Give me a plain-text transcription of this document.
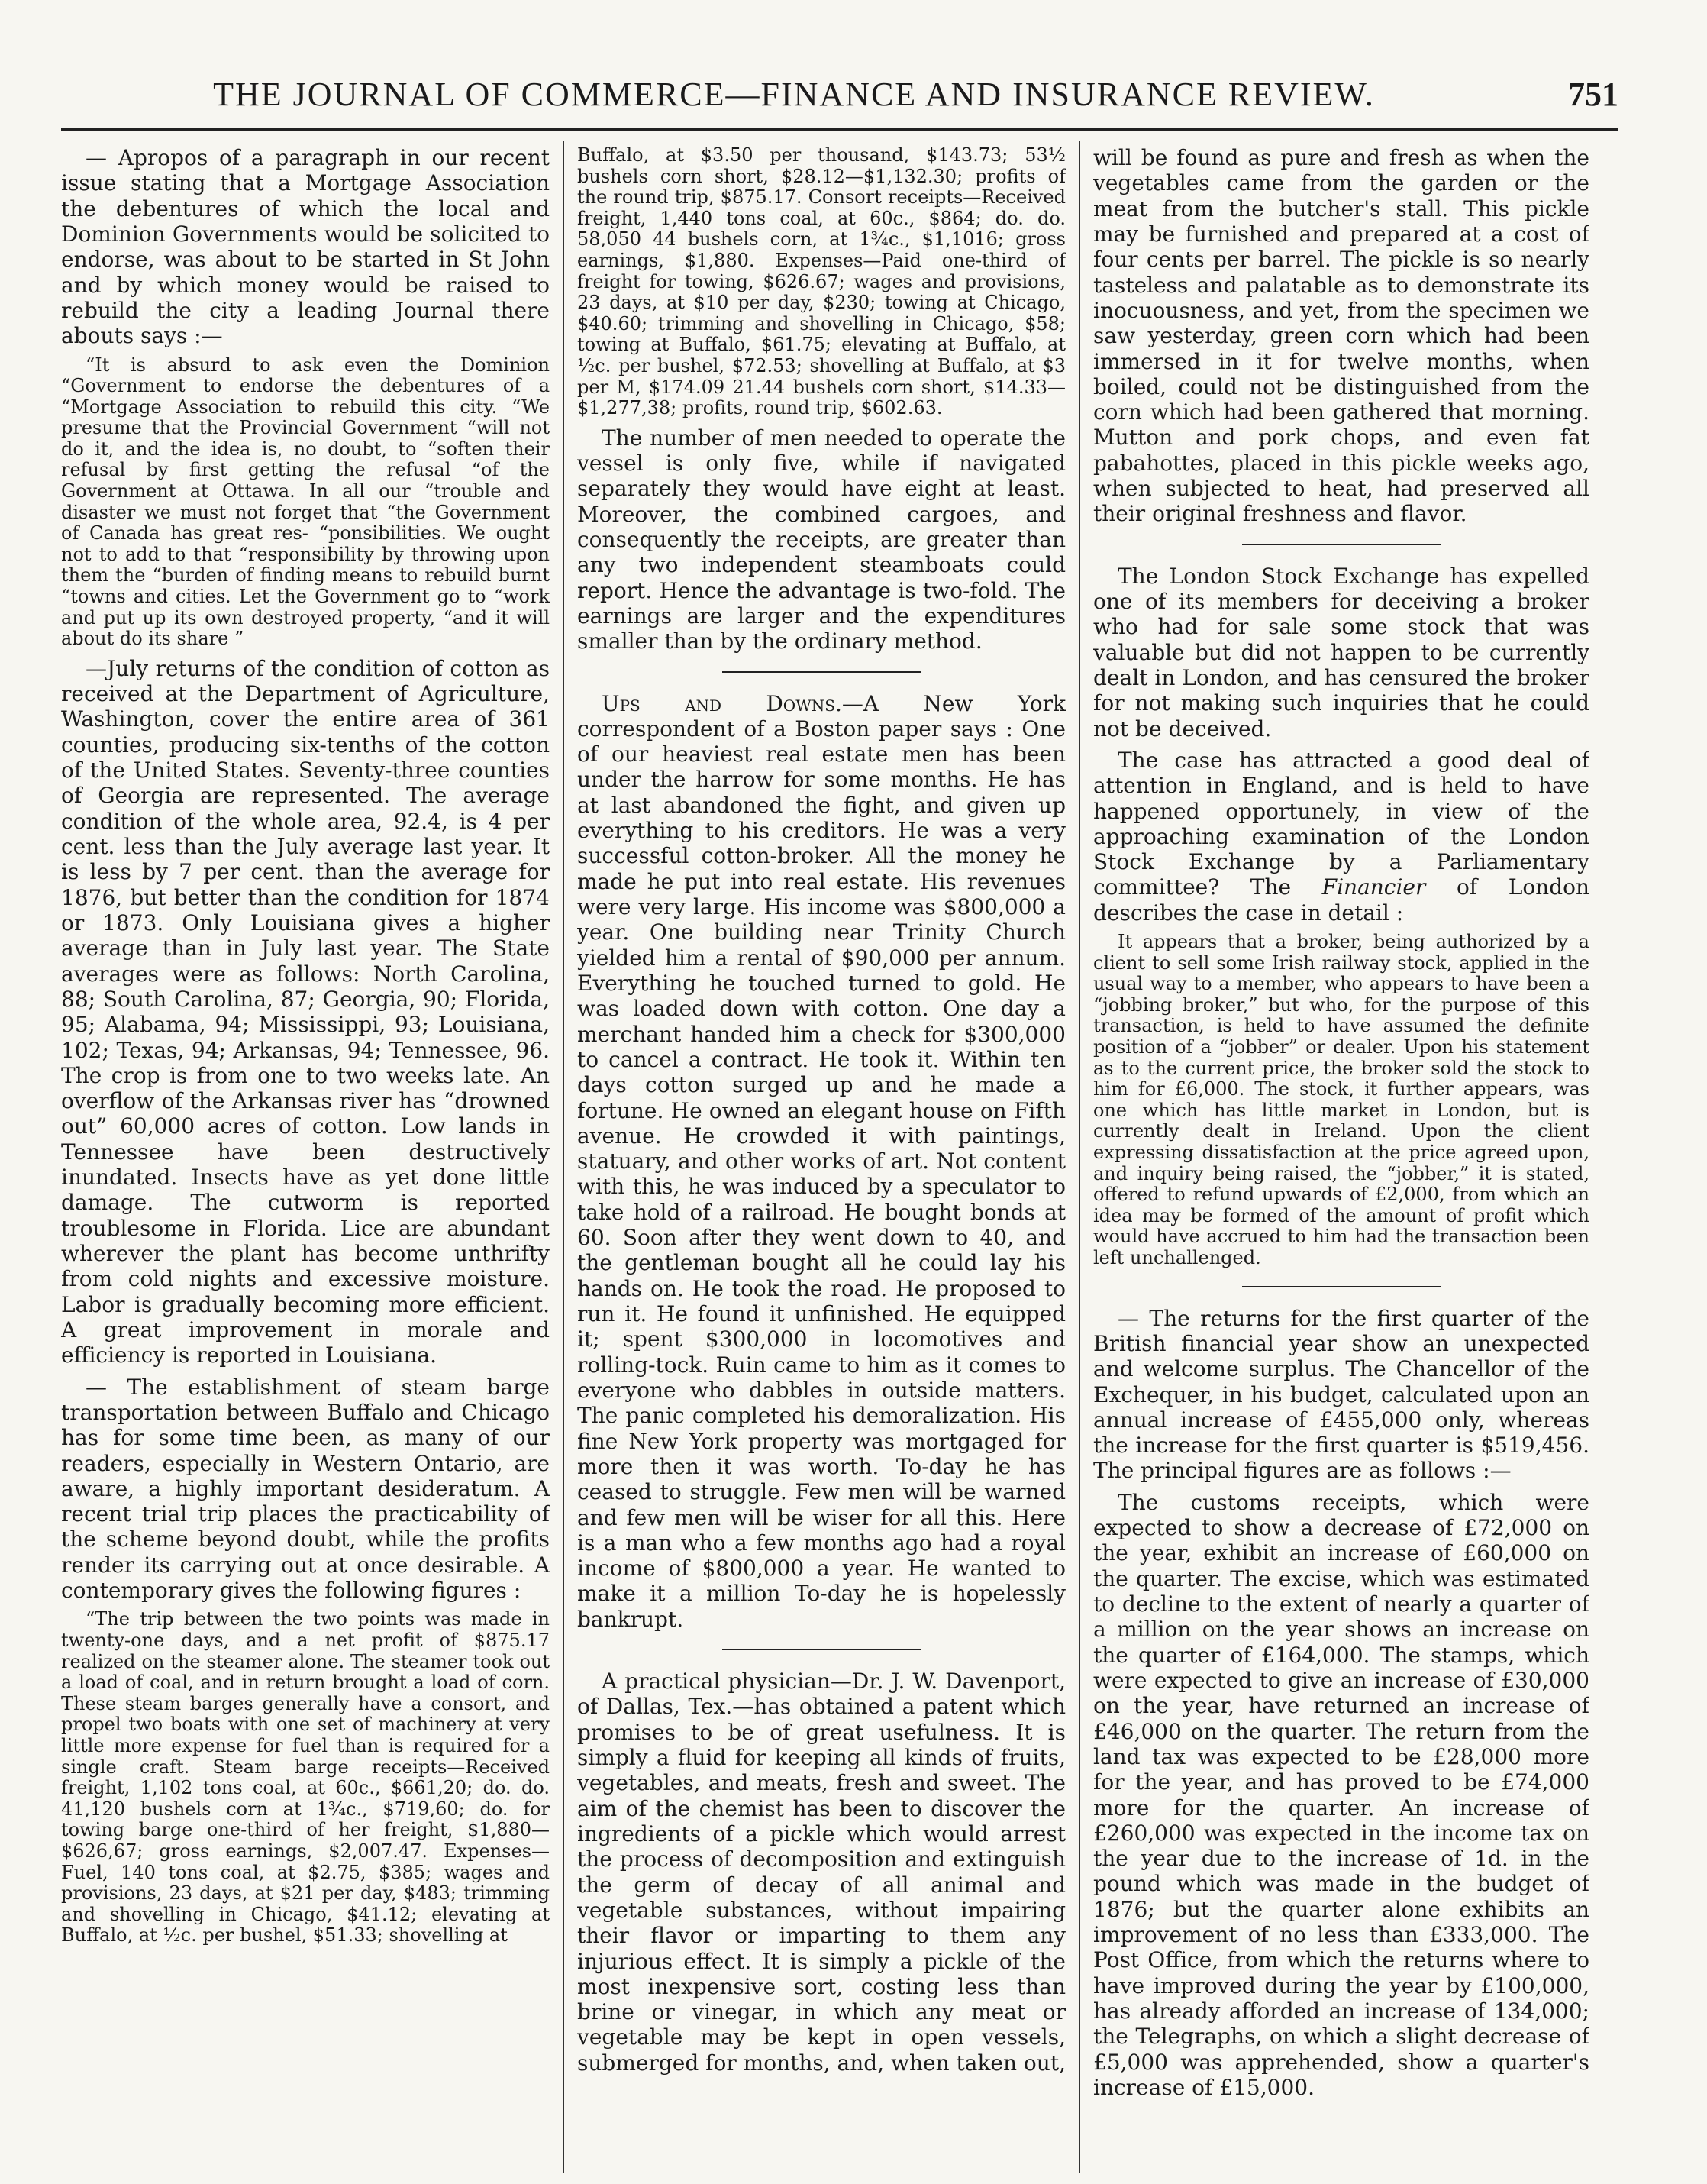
THE JOURNAL OF COMMERCE—FINANCE AND INSURANCE REVIEW.	751

— Apropos of a paragraph in our recent issue stating that a Mortgage Association the debentures of which the local and Dominion Governments would be solicited to endorse, was about to be started in St John and by which money would be raised to rebuild the city a leading Journal there abouts says :—

“It is absurd to ask even the Dominion “Government to endorse the debentures of a “Mortgage Association to rebuild this city. “We presume that the Provincial Government “will not do it, and the idea is, no doubt, to “soften their refusal by first getting the refusal “of the Government at Ottawa. In all our “trouble and disaster we must not forget that “the Government of Canada has great res- “ponsibilities. We ought not to add to that “responsibility by throwing upon them the “burden of finding means to rebuild burnt “towns and cities. Let the Government go to “work and put up its own destroyed property, “and it will about do its share ”

—July returns of the condition of cotton as received at the Department of Agriculture, Washington, cover the entire area of 361 counties, producing six-tenths of the cotton of the United States. Seventy-three counties of Georgia are represented. The average condition of the whole area, 92.4, is 4 per cent. less than the July average last year. It is less by 7 per cent. than the average for 1876, but better than the condition for 1874 or 1873. Only Louisiana gives a higher average than in July last year. The State averages were as follows: North Carolina, 88; South Carolina, 87; Georgia, 90; Florida, 95; Alabama, 94; Mississippi, 93; Louisiana, 102; Texas, 94; Arkansas, 94; Tennessee, 96. The crop is from one to two weeks late. An overflow of the Arkansas river has “drowned out” 60,000 acres of cotton. Low lands in Tennessee have been destructively inundated. Insects have as yet done little damage. The cutworm is reported troublesome in Florida. Lice are abundant wherever the plant has become unthrifty from cold nights and excessive moisture. Labor is gradually becoming more efficient. A great improvement in morale and efficiency is reported in Louisiana.

— The establishment of steam barge transportation between Buffalo and Chicago has for some time been, as many of our readers, especially in Western Ontario, are aware, a highly important desideratum. A recent trial trip places the practicability of the scheme beyond doubt, while the profits render its carrying out at once desirable. A contemporary gives the following figures :

“The trip between the two points was made in twenty-one days, and a net profit of $875.17 realized on the steamer alone. The steamer took out a load of coal, and in return brought a load of corn. These steam barges generally have a consort, and propel two boats with one set of machinery at very little more expense for fuel than is required for a single craft. Steam barge receipts—Received freight, 1,102 tons coal, at 60c., $661,20; do. do. 41,120 bushels corn at 1¾c., $719,60; do. for towing barge one-third of her freight, $1,880—$626,67; gross earnings, $2,007.47. Expenses—Fuel, 140 tons coal, at $2.75, $385; wages and provisions, 23 days, at $21 per day, $483; trimming and shovelling in Chicago, $41.12; elevating at Buffalo, at ½c. per bushel, $51.33; shovelling at

Buffalo, at $3.50 per thousand, $143.73; 53½ bushels corn short, $28.12—$1,132.30; profits of the round trip, $875.17. Consort receipts—Received freight, 1,440 tons coal, at 60c., $864; do. do. 58,050 44 bushels corn, at 1¾c., $1,1016; gross earnings, $1,880. Expenses—Paid one-third of freight for towing, $626.67; wages and provisions, 23 days, at $10 per day, $230; towing at Chicago, $40.60; trimming and shovelling in Chicago, $58; towing at Buffalo, $61.75; elevating at Buffalo, at ½c. per bushel, $72.53; shovelling at Buffalo, at $3 per M, $174.09 21.44 bushels corn short, $14.33—$1,277,38; profits, round trip, $602.63.

The number of men needed to operate the vessel is only five, while if navigated separately they would have eight at least. Moreover, the combined cargoes, and consequently the receipts, are greater than any two independent steamboats could report. Hence the advantage is two-fold. The earnings are larger and the expenditures smaller than by the ordinary method.

Ups and Downs.—A New York correspondent of a Boston paper says : One of our heaviest real estate men has been under the harrow for some months. He has at last abandoned the fight, and given up everything to his creditors. He was a very successful cotton-broker. All the money he made he put into real estate. His revenues were very large. His income was $800,000 a year. One building near Trinity Church yielded him a rental of $90,000 per annum. Everything he touched turned to gold. He was loaded down with cotton. One day a merchant handed him a check for $300,000 to cancel a contract. He took it. Within ten days cotton surged up and he made a fortune. He owned an elegant house on Fifth avenue. He crowded it with paintings, statuary, and other works of art. Not content with this, he was induced by a speculator to take hold of a railroad. He bought bonds at 60. Soon after they went down to 40, and the gentleman bought all he could lay his hands on. He took the road. He proposed to run it. He found it unfinished. He equipped it; spent $300,000 in locomotives and rolling-tock. Ruin came to him as it comes to everyone who dabbles in outside matters. The panic completed his demoralization. His fine New York property was mortgaged for more then it was worth. To-day he has ceased to struggle. Few men will be warned and few men will be wiser for all this. Here is a man who a few months ago had a royal income of $800,000 a year. He wanted to make it a million To-day he is hopelessly bankrupt.

A practical physician—Dr. J. W. Davenport, of Dallas, Tex.—has obtained a patent which promises to be of great usefulness. It is simply a fluid for keeping all kinds of fruits, vegetables, and meats, fresh and sweet. The aim of the chemist has been to discover the ingredients of a pickle which would arrest the process of decomposition and extinguish the germ of decay of all animal and vegetable substances, without impairing their flavor or imparting to them any injurious effect. It is simply a pickle of the most inexpensive sort, costing less than brine or vinegar, in which any meat or vegetable may be kept in open vessels, submerged for months, and, when taken out,

will be found as pure and fresh as when the vegetables came from the garden or the meat from the butcher's stall. This pickle may be furnished and prepared at a cost of four cents per barrel. The pickle is so nearly tasteless and palatable as to demonstrate its inocuousness, and yet, from the specimen we saw yesterday, green corn which had been immersed in it for twelve months, when boiled, could not be distinguished from the corn which had been gathered that morning. Mutton and pork chops, and even fat pabahottes, placed in this pickle weeks ago, when subjected to heat, had preserved all their original freshness and flavor.

The London Stock Exchange has expelled one of its members for deceiving a broker who had for sale some stock that was valuable but did not happen to be currently dealt in London, and has censured the broker for not making such inquiries that he could not be deceived.

The case has attracted a good deal of attention in England, and is held to have happened opportunely, in view of the approaching examination of the London Stock Exchange by a Parliamentary committee? The Financier of London describes the case in detail :

It appears that a broker, being authorized by a client to sell some Irish railway stock, applied in the usual way to a member, who appears to have been a “jobbing broker,” but who, for the purpose of this transaction, is held to have assumed the definite position of a “jobber” or dealer. Upon his statement as to the current price, the broker sold the stock to him for £6,000. The stock, it further appears, was one which has little market in London, but is currently dealt in Ireland. Upon the client expressing dissatisfaction at the price agreed upon, and inquiry being raised, the “jobber,” it is stated, offered to refund upwards of £2,000, from which an idea may be formed of the amount of profit which would have accrued to him had the transaction been left unchallenged.

— The returns for the first quarter of the British financial year show an unexpected and welcome surplus. The Chancellor of the Exchequer, in his budget, calculated upon an annual increase of £455,000 only, whereas the increase for the first quarter is $519,456. The principal figures are as follows :—

The customs receipts, which were expected to show a decrease of £72,000 on the year, exhibit an increase of £60,000 on the quarter. The excise, which was estimated to decline to the extent of nearly a quarter of a million on the year shows an increase on the quarter of £164,000. The stamps, which were expected to give an increase of £30,000 on the year, have returned an increase of £46,000 on the quarter. The return from the land tax was expected to be £28,000 more for the year, and has proved to be £74,000 more for the quarter. An increase of £260,000 was expected in the income tax on the year due to the increase of 1d. in the pound which was made in the budget of 1876; but the quarter alone exhibits an improvement of no less than £333,000. The Post Office, from which the returns where to have improved during the year by £100,000, has already afforded an increase of 134,000; the Telegraphs, on which a slight decrease of £5,000 was apprehended, show a quarter's increase of £15,000.
